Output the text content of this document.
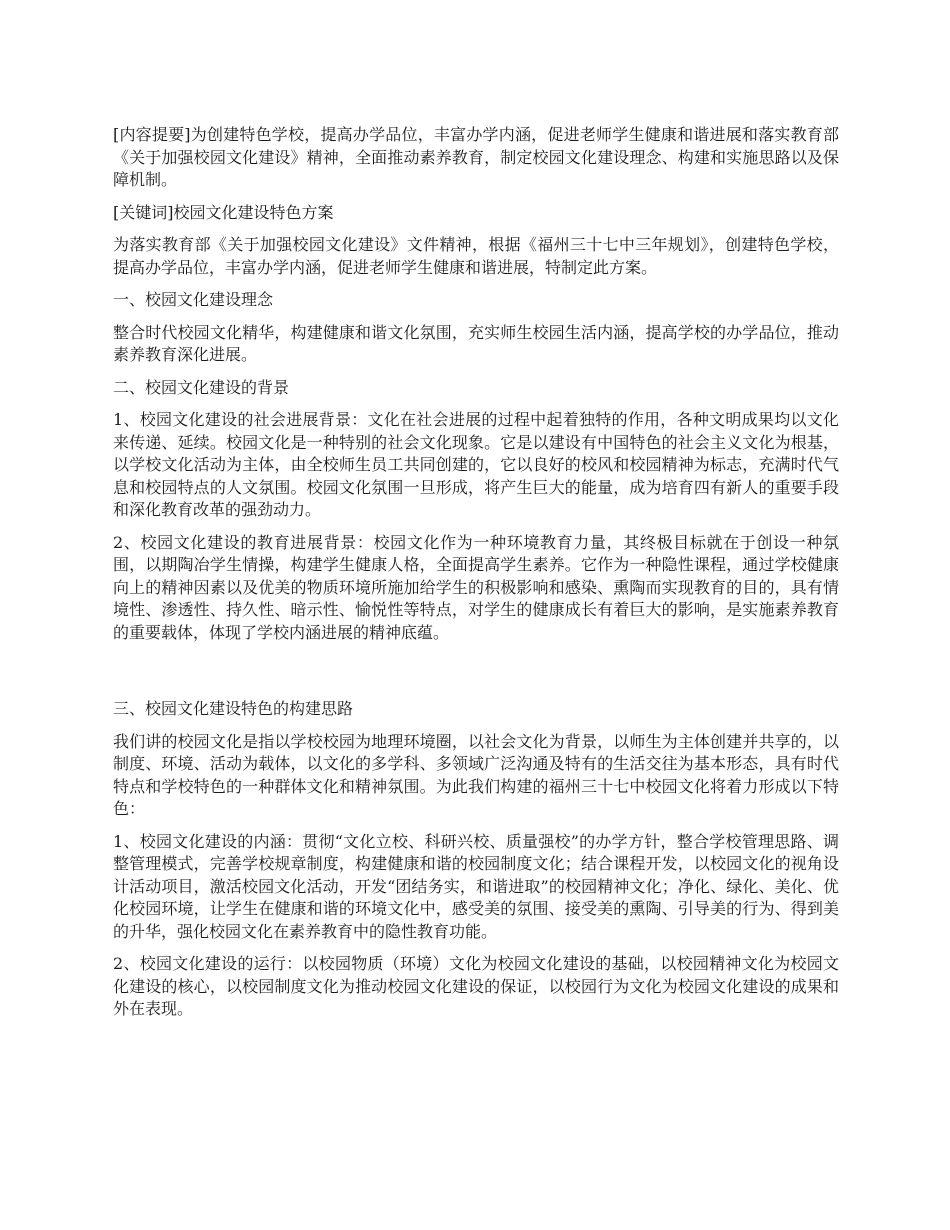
[内容提要]为创建特色学校，提高办学品位，丰富办学内涵，促进老师学生健康和谐进展和落实教育部《关于加强校园文化建设》精神，全面推动素养教育，制定校园文化建设理念、构建和实施思路以及保障机制。

[关键词]校园文化建设特色方案

为落实教育部《关于加强校园文化建设》文件精神，根据《福州三十七中三年规划》，创建特色学校，提高办学品位，丰富办学内涵，促进老师学生健康和谐进展，特制定此方案。

一、校园文化建设理念

整合时代校园文化精华，构建健康和谐文化氛围，充实师生校园生活内涵，提高学校的办学品位，推动素养教育深化进展。

二、校园文化建设的背景

1、校园文化建设的社会进展背景：文化在社会进展的过程中起着独特的作用，各种文明成果均以文化来传递、延续。校园文化是一种特别的社会文化现象。它是以建设有中国特色的社会主义文化为根基，以学校文化活动为主体，由全校师生员工共同创建的，它以良好的校风和校园精神为标志，充满时代气息和校园特点的人文氛围。校园文化氛围一旦形成，将产生巨大的能量，成为培育四有新人的重要手段和深化教育改革的强劲动力。

2、校园文化建设的教育进展背景：校园文化作为一种环境教育力量，其终极目标就在于创设一种氛围，以期陶冶学生情操，构建学生健康人格，全面提高学生素养。它作为一种隐性课程，通过学校健康向上的精神因素以及优美的物质环境所施加给学生的积极影响和感染、熏陶而实现教育的目的，具有情境性、渗透性、持久性、暗示性、愉悦性等特点，对学生的健康成长有着巨大的影响，是实施素养教育的重要载体，体现了学校内涵进展的精神底蕴。

三、校园文化建设特色的构建思路

我们讲的校园文化是指以学校校园为地理环境圈，以社会文化为背景，以师生为主体创建并共享的，以制度、环境、活动为载体，以文化的多学科、多领域广泛沟通及特有的生活交往为基本形态，具有时代特点和学校特色的一种群体文化和精神氛围。为此我们构建的福州三十七中校园文化将着力形成以下特色：

1、校园文化建设的内涵：贯彻“文化立校、科研兴校、质量强校”的办学方针，整合学校管理思路、调整管理模式，完善学校规章制度，构建健康和谐的校园制度文化；结合课程开发，以校园文化的视角设计活动项目，激活校园文化活动，开发“团结务实，和谐进取”的校园精神文化；净化、绿化、美化、优化校园环境，让学生在健康和谐的环境文化中，感受美的氛围、接受美的熏陶、引导美的行为、得到美的升华，强化校园文化在素养教育中的隐性教育功能。

2、校园文化建设的运行：以校园物质（环境）文化为校园文化建设的基础，以校园精神文化为校园文化建设的核心，以校园制度文化为推动校园文化建设的保证，以校园行为文化为校园文化建设的成果和外在表现。
